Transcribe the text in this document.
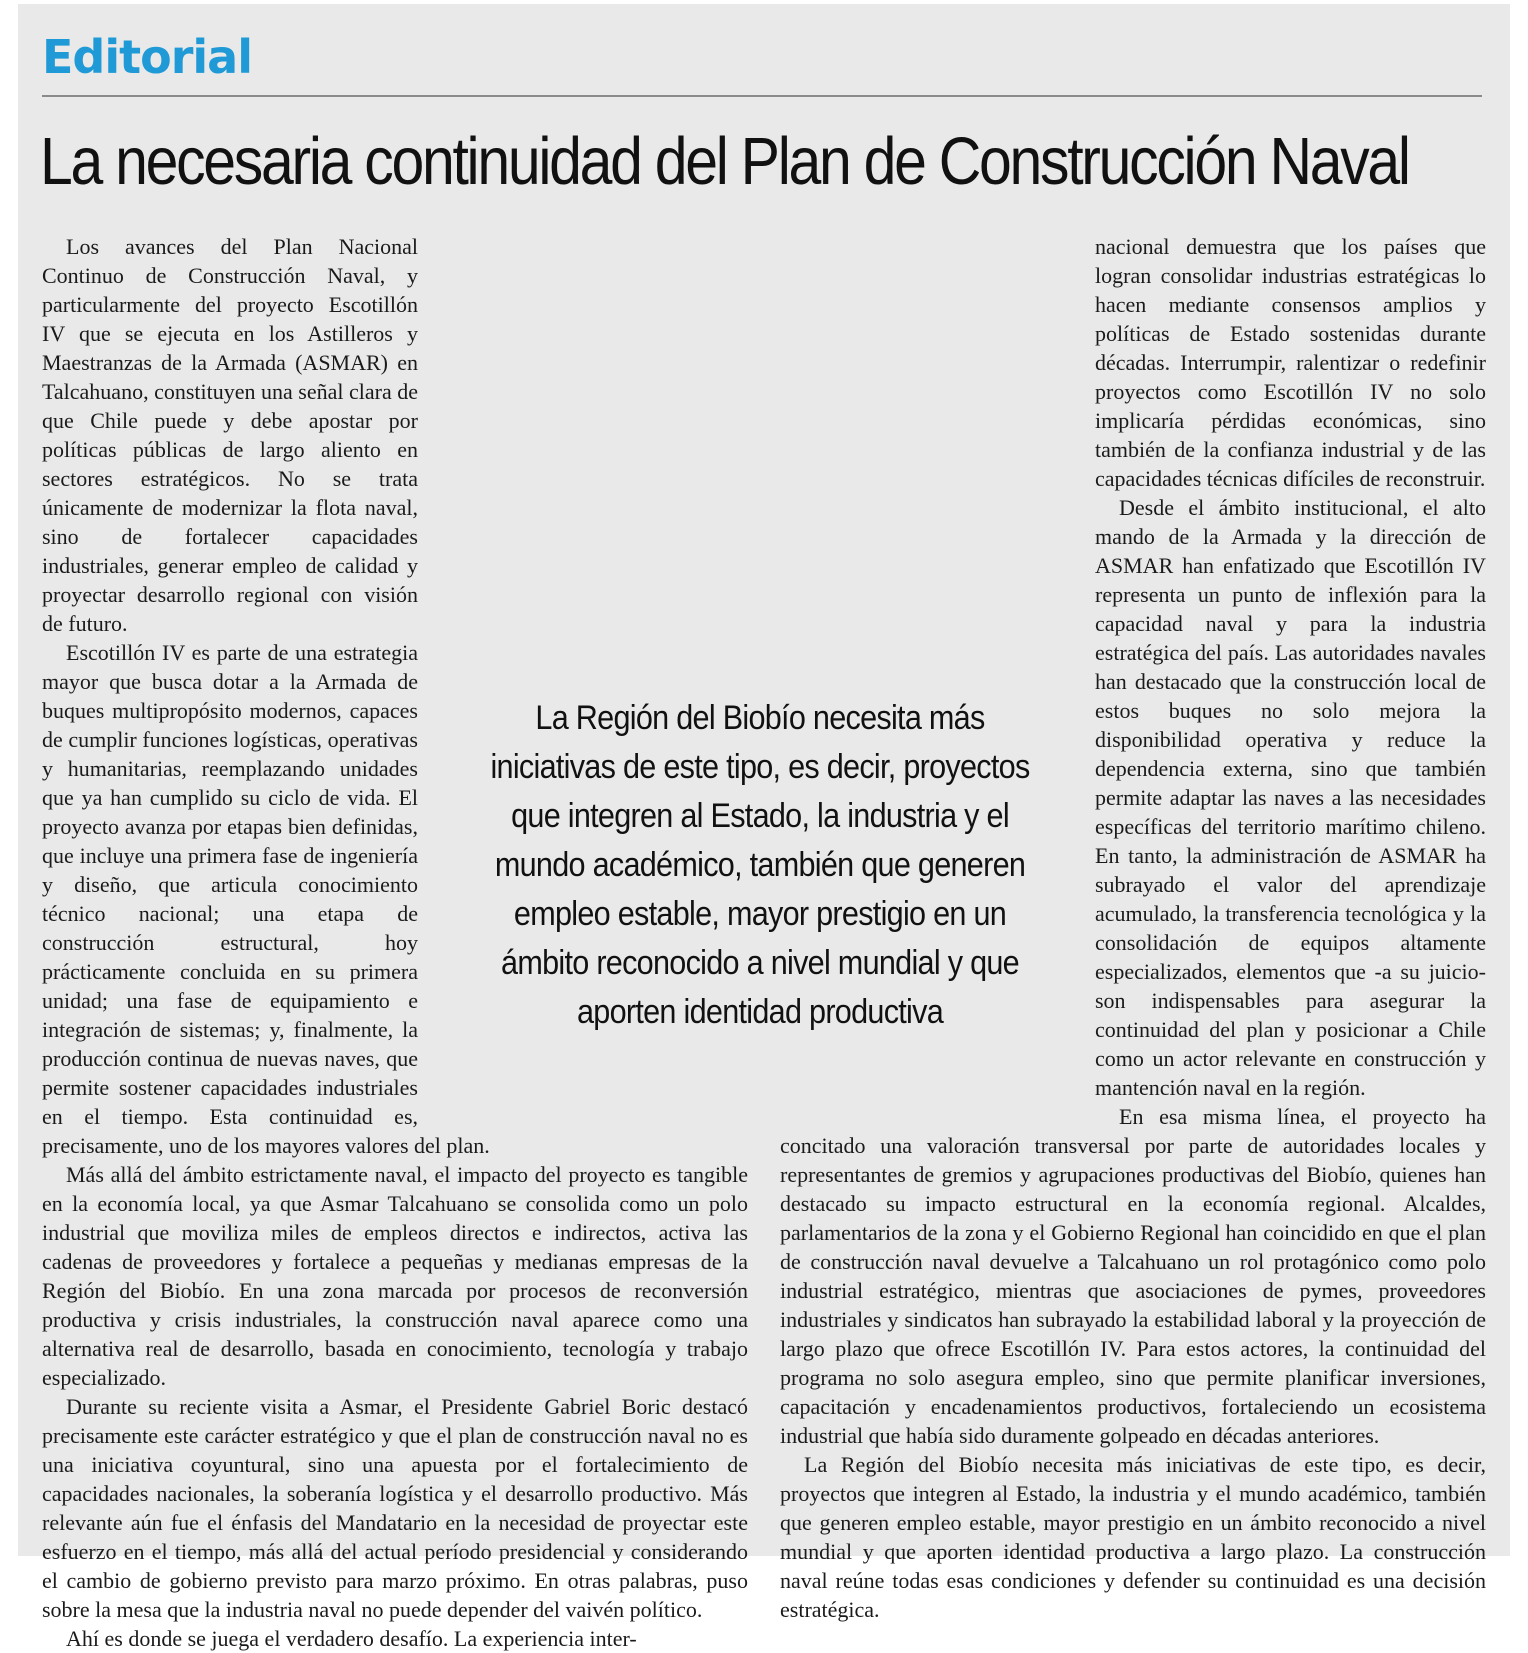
Editorial
La necesaria continuidad del Plan de Construcción Naval

Los avances del Plan Nacional Continuo de Construcción Naval, y particularmente del proyecto Escotillón IV que se ejecuta en los Astilleros y Maestranzas de la Armada (ASMAR) en Talcahuano, constituyen una señal clara de que Chile puede y debe apostar por políticas públicas de largo aliento en sectores estratégicos. No se trata únicamente de modernizar la flota naval, sino de fortalecer capacidades industriales, generar empleo de calidad y proyectar desarrollo regional con visión de futuro.

Escotillón IV es parte de una estrategia mayor que busca dotar a la Armada de buques multipropósito modernos, capaces de cumplir funciones logísticas, operativas y humanitarias, reemplazando unidades que ya han cumplido su ciclo de vida. El proyecto avanza por etapas bien definidas, que incluye una primera fase de ingeniería y diseño, que articula conocimiento técnico nacional; una etapa de construcción estructural, hoy prácticamente concluida en su primera unidad; una fase de equipamiento e integración de sistemas; y, finalmente, la producción continua de nuevas naves, que permite sostener capacidades industriales en el tiempo. Esta continuidad es, precisamente, uno de los mayores valores del plan.

Más allá del ámbito estrictamente naval, el impacto del proyecto es tangible en la economía local, ya que Asmar Talcahuano se consolida como un polo industrial que moviliza miles de empleos directos e indirectos, activa las cadenas de proveedores y fortalece a pequeñas y medianas empresas de la Región del Biobío. En una zona marcada por procesos de reconversión productiva y crisis industriales, la construcción naval aparece como una alternativa real de desarrollo, basada en conocimiento, tecnología y trabajo especializado.

Durante su reciente visita a Asmar, el Presidente Gabriel Boric destacó precisamente este carácter estratégico y que el plan de construcción naval no es una iniciativa coyuntural, sino una apuesta por el fortalecimiento de capacidades nacionales, la soberanía logística y el desarrollo productivo. Más relevante aún fue el énfasis del Mandatario en la necesidad de proyectar este esfuerzo en el tiempo, más allá del actual período presidencial y considerando el cambio de gobierno previsto para marzo próximo. En otras palabras, puso sobre la mesa que la industria naval no puede depender del vaivén político.

Ahí es donde se juega el verdadero desafío. La experiencia inter-

nacional demuestra que los países que logran consolidar industrias estratégicas lo hacen mediante consensos amplios y políticas de Estado sostenidas durante décadas. Interrumpir, ralentizar o redefinir proyectos como Escotillón IV no solo implicaría pérdidas económicas, sino también de la confianza industrial y de las capacidades técnicas difíciles de reconstruir.

Desde el ámbito institucional, el alto mando de la Armada y la dirección de ASMAR han enfatizado que Escotillón IV representa un punto de inflexión para la capacidad naval y para la industria estratégica del país. Las autoridades navales han destacado que la construcción local de estos buques no solo mejora la disponibilidad operativa y reduce la dependencia externa, sino que también permite adaptar las naves a las necesidades específicas del territorio marítimo chileno. En tanto, la administración de ASMAR ha subrayado el valor del aprendizaje acumulado, la transferencia tecnológica y la consolidación de equipos altamente especializados, elementos que -a su juicio- son indispensables para asegurar la continuidad del plan y posicionar a Chile como un actor relevante en construcción y mantención naval en la región.

En esa misma línea, el proyecto ha concitado una valoración transversal por parte de autoridades locales y representantes de gremios y agrupaciones productivas del Biobío, quienes han destacado su impacto estructural en la economía regional. Alcaldes, parlamentarios de la zona y el Gobierno Regional han coincidido en que el plan de construcción naval devuelve a Talcahuano un rol protagónico como polo industrial estratégico, mientras que asociaciones de pymes, proveedores industriales y sindicatos han subrayado la estabilidad laboral y la proyección de largo plazo que ofrece Escotillón IV. Para estos actores, la continuidad del programa no solo asegura empleo, sino que permite planificar inversiones, capacitación y encadenamientos productivos, fortaleciendo un ecosistema industrial que había sido duramente golpeado en décadas anteriores.

La Región del Biobío necesita más iniciativas de este tipo, es decir, proyectos que integren al Estado, la industria y el mundo académico, también que generen empleo estable, mayor prestigio en un ámbito reconocido a nivel mundial y que aporten identidad productiva a largo plazo. La construcción naval reúne todas esas condiciones y defender su continuidad es una decisión estratégica.

La Región del Biobío necesita más iniciativas de este tipo, es decir, proyectos que integren al Estado, la industria y el mundo académico, también que generen empleo estable, mayor prestigio en un ámbito reconocido a nivel mundial y que aporten identidad productiva
